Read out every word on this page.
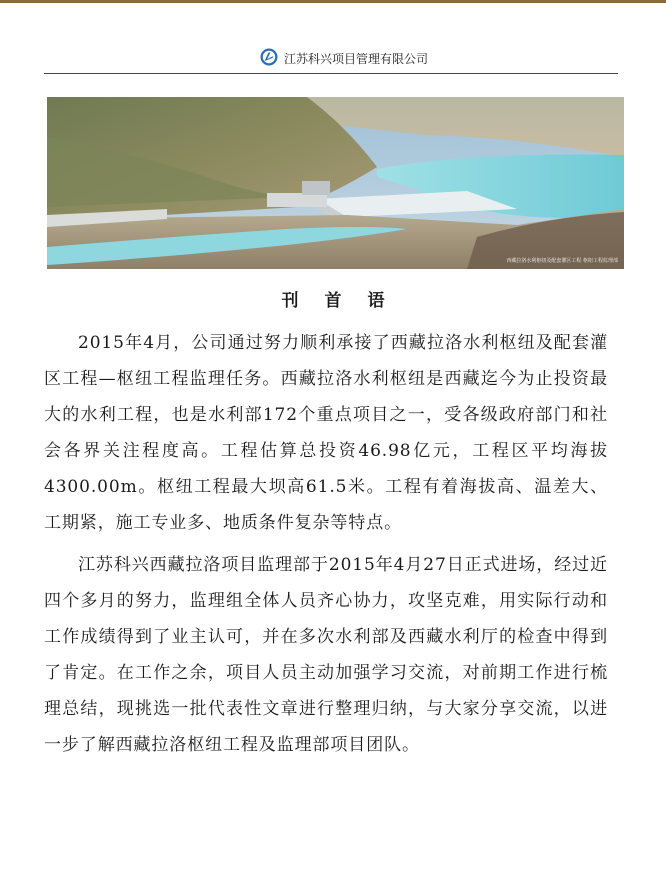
江苏科兴项目管理有限公司
西藏拉洛水利枢纽及配套灌区工程 枢纽工程监理部
刊首语

2015年4月，公司通过努力顺利承接了西藏拉洛水利枢纽及配套灌区工程—枢纽工程监理任务。西藏拉洛水利枢纽是西藏迄今为止投资最大的水利工程，也是水利部172个重点项目之一，受各级政府部门和社会各界关注程度高。工程估算总投资46.98亿元，工程区平均海拔4300.00m。枢纽工程最大坝高61.5米。工程有着海拔高、温差大、工期紧，施工专业多、地质条件复杂等特点。

江苏科兴西藏拉洛项目监理部于2015年4月27日正式进场，经过近四个多月的努力，监理组全体人员齐心协力，攻坚克难，用实际行动和工作成绩得到了业主认可，并在多次水利部及西藏水利厅的检查中得到了肯定。在工作之余，项目人员主动加强学习交流，对前期工作进行梳理总结，现挑选一批代表性文章进行整理归纳，与大家分享交流，以进一步了解西藏拉洛枢纽工程及监理部项目团队。
